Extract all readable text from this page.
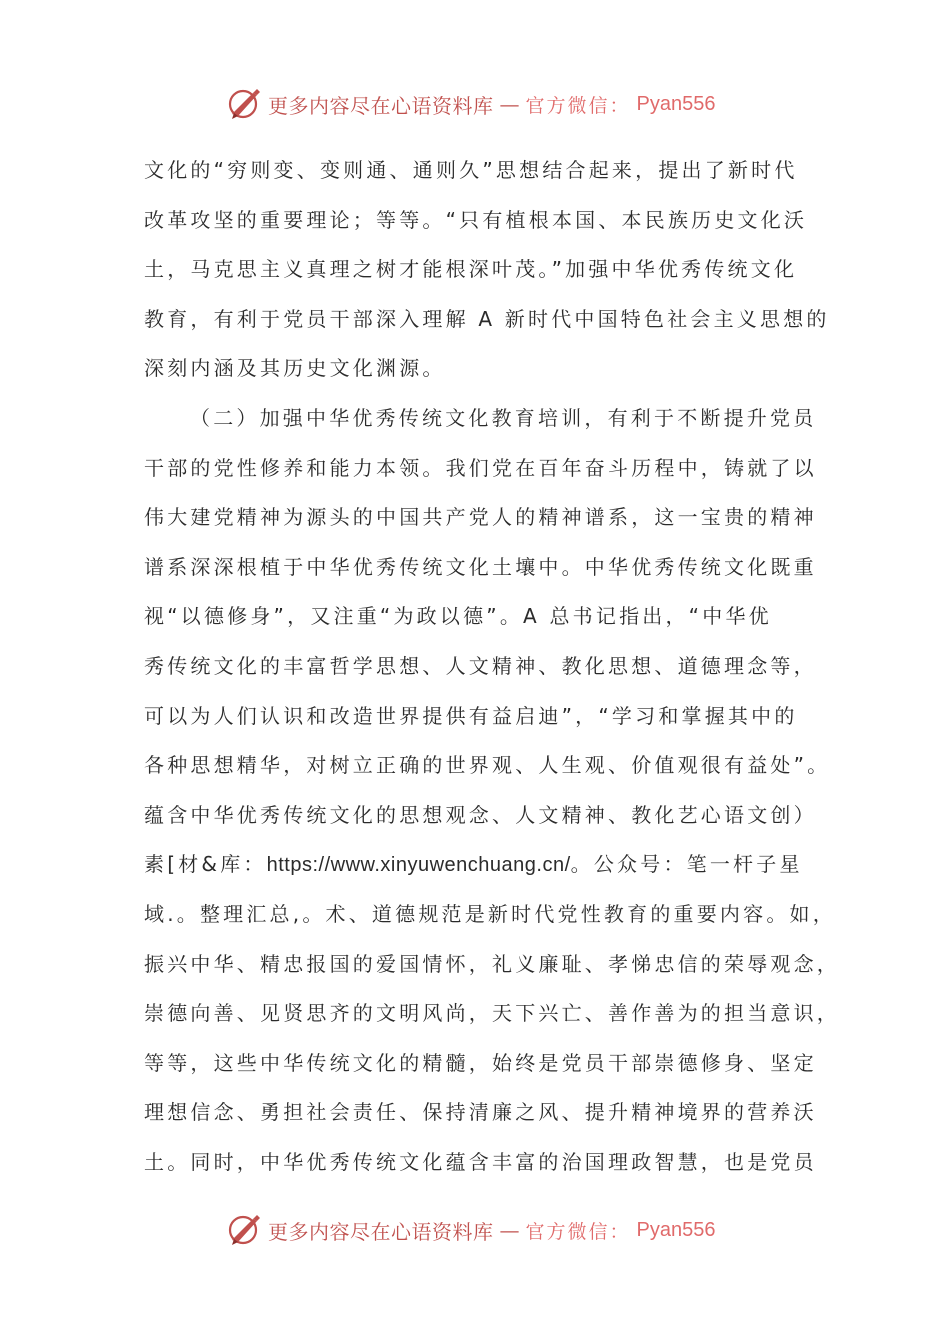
更多内容尽在心语资料库 — 官方微信： Pyan556
文化的“穷则变、变则通、通则久”思想结合起来，提出了新时代
改革攻坚的重要理论；等等。“只有植根本国、本民族历史文化沃
土，马克思主义真理之树才能根深叶茂。”加强中华优秀传统文化
教育，有利于党员干部深入理解 A 新时代中国特色社会主义思想的
深刻内涵及其历史文化渊源。
（二）加强中华优秀传统文化教育培训，有利于不断提升党员
干部的党性修养和能力本领。我们党在百年奋斗历程中，铸就了以
伟大建党精神为源头的中国共产党人的精神谱系，这一宝贵的精神
谱系深深根植于中华优秀传统文化土壤中。中华优秀传统文化既重
视“以德修身”，又注重“为政以德”。A 总书记指出，“中华优
秀传统文化的丰富哲学思想、人文精神、教化思想、道德理念等，
可以为人们认识和改造世界提供有益启迪”，“学习和掌握其中的
各种思想精华，对树立正确的世界观、人生观、价值观很有益处”。
蕴含中华优秀传统文化的思想观念、人文精神、教化艺心语文创）
素[材&库：https://www.xinyuwenchuang.cn/。公众号：笔一杆子星
域.。整理汇总,。术、道德规范是新时代党性教育的重要内容。如，
振兴中华、精忠报国的爱国情怀，礼义廉耻、孝悌忠信的荣辱观念，
崇德向善、见贤思齐的文明风尚，天下兴亡、善作善为的担当意识，
等等，这些中华传统文化的精髓，始终是党员干部崇德修身、坚定
理想信念、勇担社会责任、保持清廉之风、提升精神境界的营养沃
土。同时，中华优秀传统文化蕴含丰富的治国理政智慧，也是党员
更多内容尽在心语资料库 — 官方微信： Pyan556
